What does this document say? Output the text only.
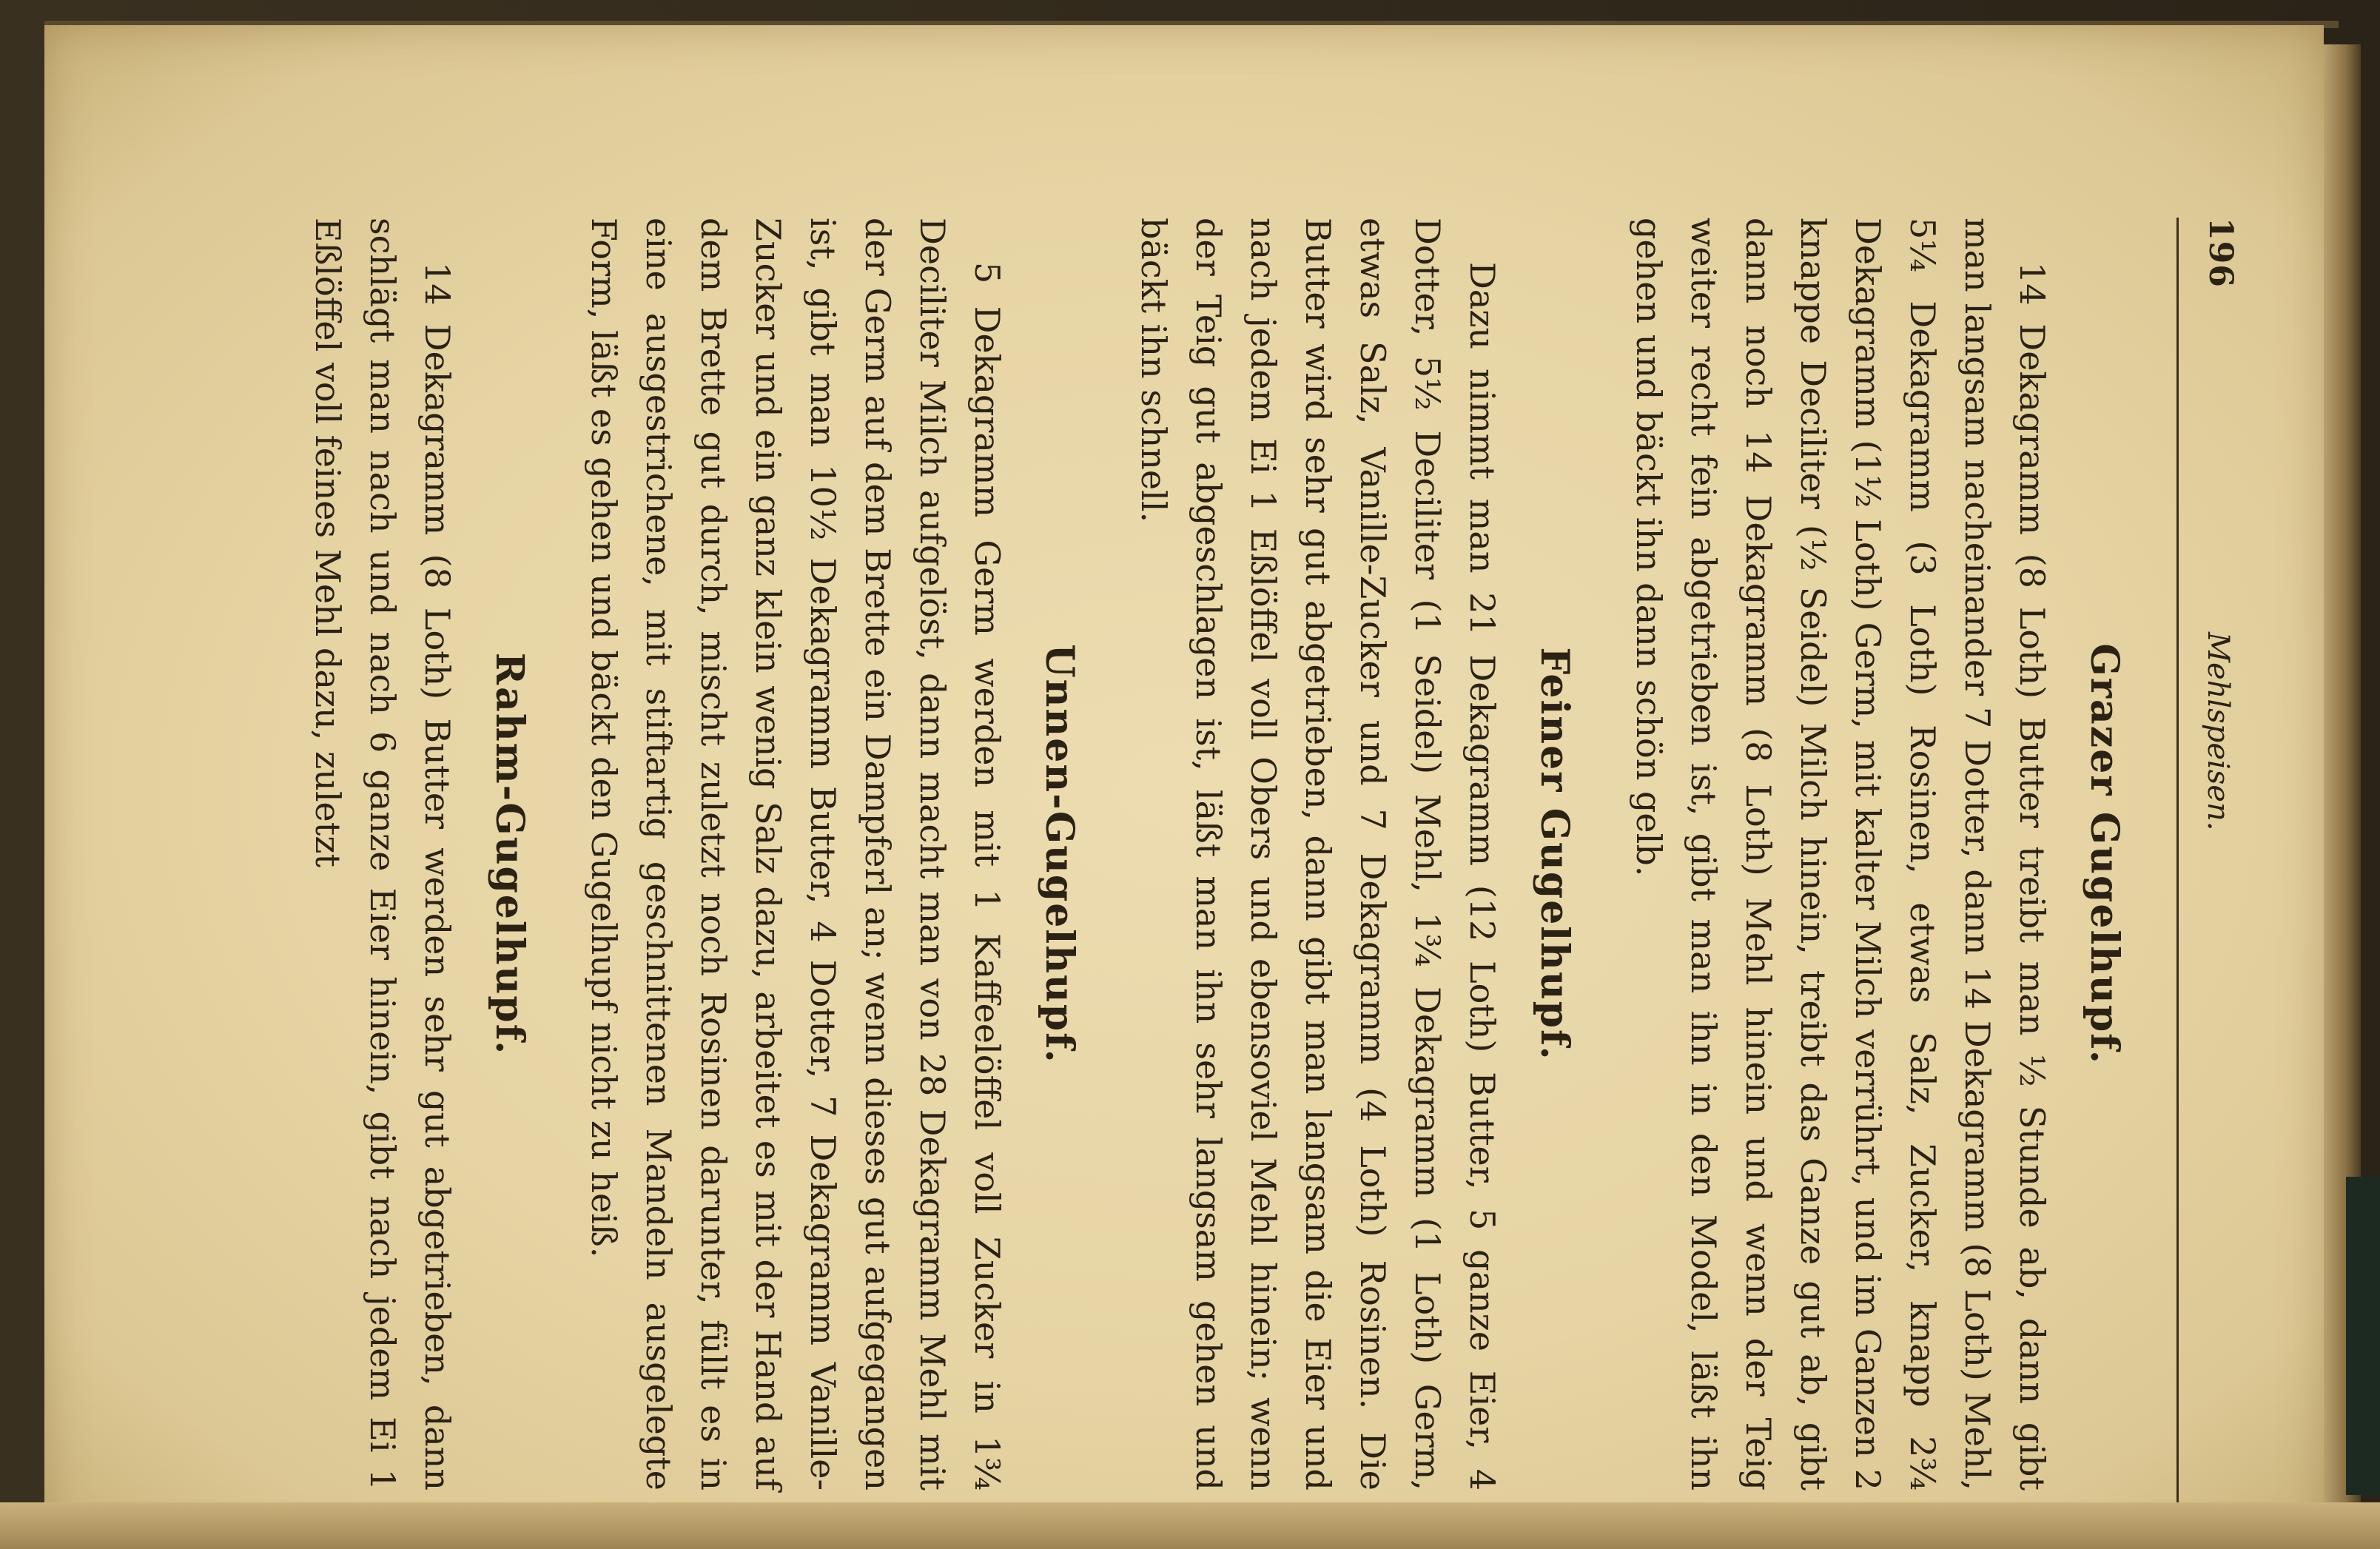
196
Mehlspeisen.
Grazer Gugelhupf.

14 Dekagramm (8 Loth) Butter treibt man ½ Stunde ab, dann gibt man langsam nacheinander 7 Dotter, dann 14 Dekagramm (8 Loth) Mehl, 5¼ Dekagramm (3 Loth) Rosinen, etwas Salz, Zucker, knapp 2¾ Dekagramm (1½ Loth) Germ, mit kalter Milch verrührt, und im Ganzen 2 knappe Deciliter (½ Seidel) Milch hinein, treibt das Ganze gut ab, gibt dann noch 14 Dekagramm (8 Loth) Mehl hinein und wenn der Teig weiter recht fein abgetrieben ist, gibt man ihn in den Model, läßt ihn gehen und bäckt ihn dann schön gelb.

Feiner Gugelhupf.

Dazu nimmt man 21 Dekagramm (12 Loth) Butter, 5 ganze Eier, 4 Dotter, 5½ Deciliter (1 Seidel) Mehl, 1¾ Dekagramm (1 Loth) Germ, etwas Salz, Vanille-Zucker und 7 Dekagramm (4 Loth) Rosinen. Die Butter wird sehr gut abgetrieben, dann gibt man langsam die Eier und nach jedem Ei 1 Eßlöffel voll Obers und ebensoviel Mehl hinein; wenn der Teig gut abgeschlagen ist, läßt man ihn sehr langsam gehen und bäckt ihn schnell.

Unnen-Gugelhupf.

5 Dekagramm Germ werden mit 1 Kaffeelöffel voll Zucker in 1¾ Deciliter Milch aufgelöst, dann macht man von 28 Dekagramm Mehl mit der Germ auf dem Brette ein Dampferl an; wenn dieses gut aufgegangen ist, gibt man 10½ Dekagramm Butter, 4 Dotter, 7 Dekagramm Vanille-Zucker und ein ganz klein wenig Salz dazu, arbeitet es mit der Hand auf dem Brette gut durch, mischt zuletzt noch Rosinen darunter, füllt es in eine ausgestrichene, mit stiftartig geschnittenen Mandeln ausgelegte Form, läßt es gehen und bäckt den Gugelhupf nicht zu heiß.

Rahm-Gugelhupf.

14 Dekagramm (8 Loth) Butter werden sehr gut abgetrieben, dann schlägt man nach und nach 6 ganze Eier hinein, gibt nach jedem Ei 1 Eßlöffel voll feines Mehl dazu, zuletzt
